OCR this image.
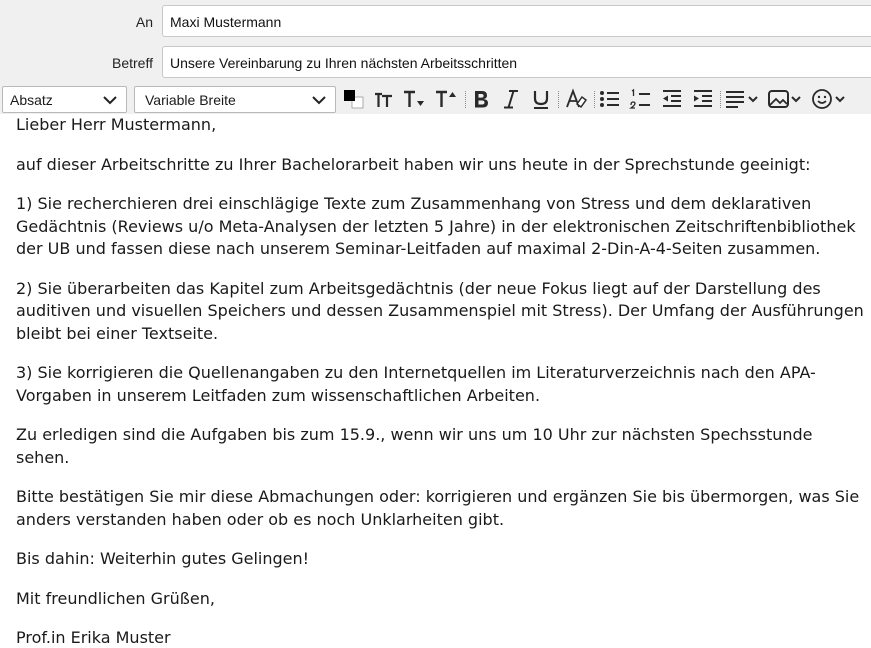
An	Maxi Mustermann
Betreff	Unsere Vereinbarung zu Ihren nächsten Arbeitsschritten
Absatz	Variable Breite

Lieber Herr Mustermann,

auf dieser Arbeitschritte zu Ihrer Bachelorarbeit haben wir uns heute in der Sprechstunde geeinigt:

1) Sie recherchieren drei einschlägige Texte zum Zusammenhang von Stress und dem deklarativen Gedächtnis (Reviews u/o Meta-Analysen der letzten 5 Jahre) in der elektronischen Zeitschriftenbibliothek der UB und fassen diese nach unserem Seminar-Leitfaden auf maximal 2-Din-A-4-Seiten zusammen.

2) Sie überarbeiten das Kapitel zum Arbeitsgedächtnis (der neue Fokus liegt auf der Darstellung des auditiven und visuellen Speichers und dessen Zusammenspiel mit Stress). Der Umfang der Ausführungen bleibt bei einer Textseite.

3) Sie korrigieren die Quellenangaben zu den Internetquellen im Literaturverzeichnis nach den APA-Vorgaben in unserem Leitfaden zum wissenschaftlichen Arbeiten.

Zu erledigen sind die Aufgaben bis zum 15.9., wenn wir uns um 10 Uhr zur nächsten Spechsstunde sehen.

Bitte bestätigen Sie mir diese Abmachungen oder: korrigieren und ergänzen Sie bis übermorgen, was Sie anders verstanden haben oder ob es noch Unklarheiten gibt.

Bis dahin: Weiterhin gutes Gelingen!

Mit freundlichen Grüßen,

Prof.in Erika Muster
